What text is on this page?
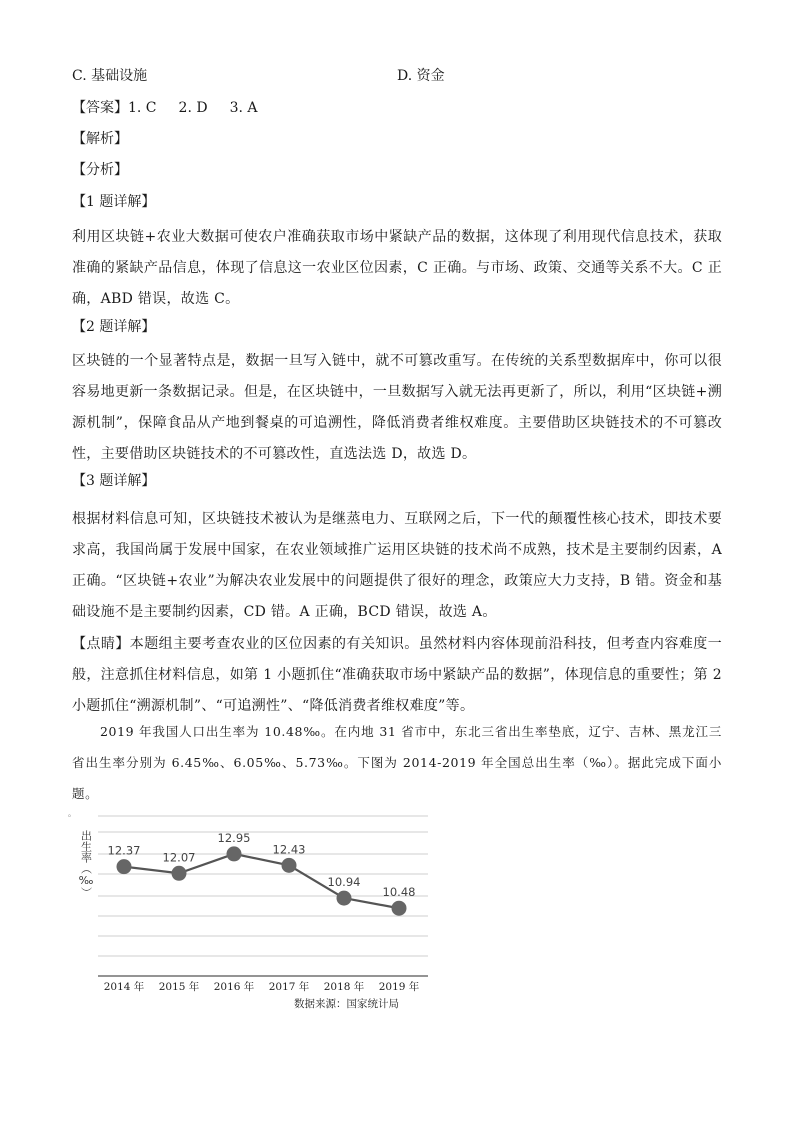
C. 基础设施	D. 资金
【答案】1. C 2. D 3. A
【解析】
【分析】
【1 题详解】
利用区块链+农业大数据可使农户准确获取市场中紧缺产品的数据，这体现了利用现代信息技术，获取准确的紧缺产品信息，体现了信息这一农业区位因素，C 正确。与市场、政策、交通等关系不大。C 正确，ABD 错误，故选 C。
【2 题详解】
区块链的一个显著特点是，数据一旦写入链中，就不可篡改重写。在传统的关系型数据库中，你可以很容易地更新一条数据记录。但是，在区块链中，一旦数据写入就无法再更新了，所以，利用“区块链+溯源机制”，保障食品从产地到餐桌的可追溯性，降低消费者维权难度。主要借助区块链技术的不可篡改性，主要借助区块链技术的不可篡改性，直选法选 D，故选 D。
【3 题详解】
根据材料信息可知，区块链技术被认为是继蒸电力、互联网之后，下一代的颠覆性核心技术，即技术要求高，我国尚属于发展中国家，在农业领域推广运用区块链的技术尚不成熟，技术是主要制约因素，A 正确。“区块链+农业”为解决农业发展中的问题提供了很好的理念，政策应大力支持，B 错。资金和基础设施不是主要制约因素，CD 错。A 正确，BCD 错误，故选 A。
【点睛】本题组主要考查农业的区位因素的有关知识。虽然材料内容体现前沿科技，但考查内容难度一般，注意抓住材料信息，如第 1 小题抓住“准确获取市场中紧缺产品的数据”，体现信息的重要性；第 2 小题抓住“溯源机制”、“可追溯性”、“降低消费者维权难度”等。
2019 年我国人口出生率为 10.48‰。在内地 31 省市中，东北三省出生率垫底，辽宁、吉林、黑龙江三省出生率分别为 6.45‰、6.05‰、5.73‰。下图为 2014-2019 年全国总出生率（‰）。据此完成下面小题。
。
出生率（‰） 12.37 12.07
12.95
12.43
10.94
10.48
2014 年 2015 年 2016 年 2017 年 2018 年 2019 年
数据来源：国家统计局
